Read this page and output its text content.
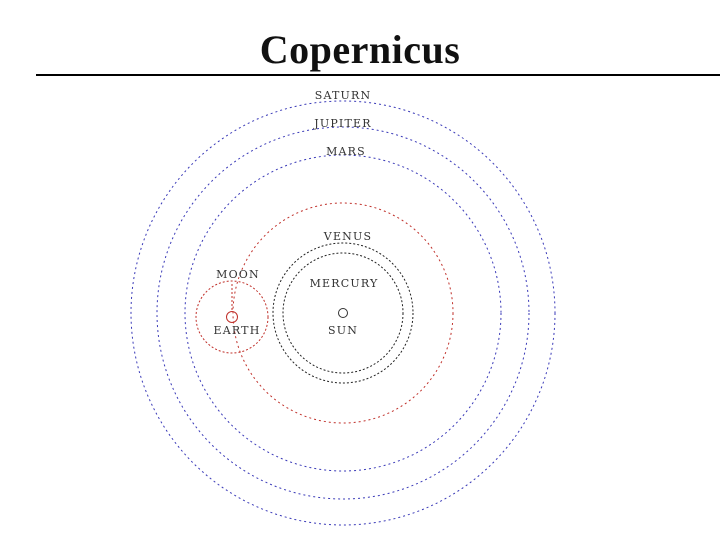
Copernicus
SATURN
JUPITER
MARS
VENUS
MOON
MERCURY
EARTH	SUN
